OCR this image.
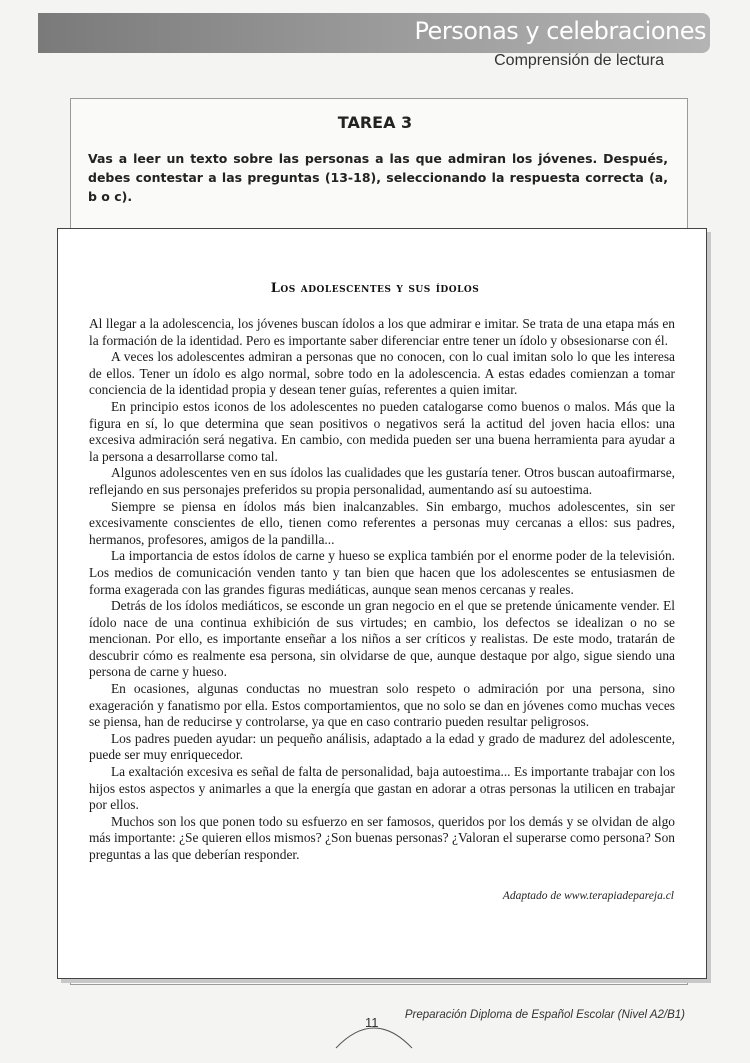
Personas y celebraciones
Comprensión de lectura
TAREA 3
Vas a leer un texto sobre las personas a las que admiran los jóvenes. Después, debes contestar a las preguntas (13-18), seleccionando la respuesta correcta (a, b o c).
Los adolescentes y sus ídolos

Al llegar a la adolescencia, los jóvenes buscan ídolos a los que admirar e imitar. Se trata de una etapa más en la formación de la identidad. Pero es importante saber diferenciar entre tener un ídolo y obsesionarse con él.

A veces los adolescentes admiran a personas que no conocen, con lo cual imitan solo lo que les interesa de ellos. Tener un ídolo es algo normal, sobre todo en la adolescencia. A estas edades comienzan a tomar conciencia de la identidad propia y desean tener guías, referentes a quien imitar.

En principio estos iconos de los adolescentes no pueden catalogarse como buenos o malos. Más que la figura en sí, lo que determina que sean positivos o negativos será la actitud del joven hacia ellos: una excesiva admiración será negativa. En cambio, con medida pueden ser una buena herramienta para ayudar a la persona a desarrollarse como tal.

Algunos adolescentes ven en sus ídolos las cualidades que les gustaría tener. Otros buscan autoafirmarse, reflejando en sus personajes preferidos su propia personalidad, aumentando así su autoestima.

Siempre se piensa en ídolos más bien inalcanzables. Sin embargo, muchos adolescentes, sin ser excesivamente conscientes de ello, tienen como referentes a personas muy cercanas a ellos: sus padres, hermanos, profesores, amigos de la pandilla...

La importancia de estos ídolos de carne y hueso se explica también por el enorme poder de la televisión. Los medios de comunicación venden tanto y tan bien que hacen que los adolescentes se entusiasmen de forma exagerada con las grandes figuras mediáticas, aunque sean menos cercanas y reales.

Detrás de los ídolos mediáticos, se esconde un gran negocio en el que se pretende únicamente vender. El ídolo nace de una continua exhibición de sus virtudes; en cambio, los defectos se idealizan o no se mencionan. Por ello, es importante enseñar a los niños a ser críticos y realistas. De este modo, tratarán de descubrir cómo es realmente esa persona, sin olvidarse de que, aunque destaque por algo, sigue siendo una persona de carne y hueso.

En ocasiones, algunas conductas no muestran solo respeto o admiración por una persona, sino exageración y fanatismo por ella. Estos comportamientos, que no solo se dan en jóvenes como muchas veces se piensa, han de reducirse y controlarse, ya que en caso contrario pueden resultar peligrosos.

Los padres pueden ayudar: un pequeño análisis, adaptado a la edad y grado de madurez del adolescente, puede ser muy enriquecedor.

La exaltación excesiva es señal de falta de personalidad, baja autoestima... Es importante trabajar con los hijos estos aspectos y animarles a que la energía que gastan en adorar a otras personas la utilicen en trabajar por ellos.

Muchos son los que ponen todo su esfuerzo en ser famosos, queridos por los demás y se olvidan de algo más importante: ¿Se quieren ellos mismos? ¿Son buenas personas? ¿Valoran el superarse como persona? Son preguntas a las que deberían responder.

Adaptado de www.terapiadepareja.cl
11 Preparación Diploma de Español Escolar (Nivel A2/B1)
